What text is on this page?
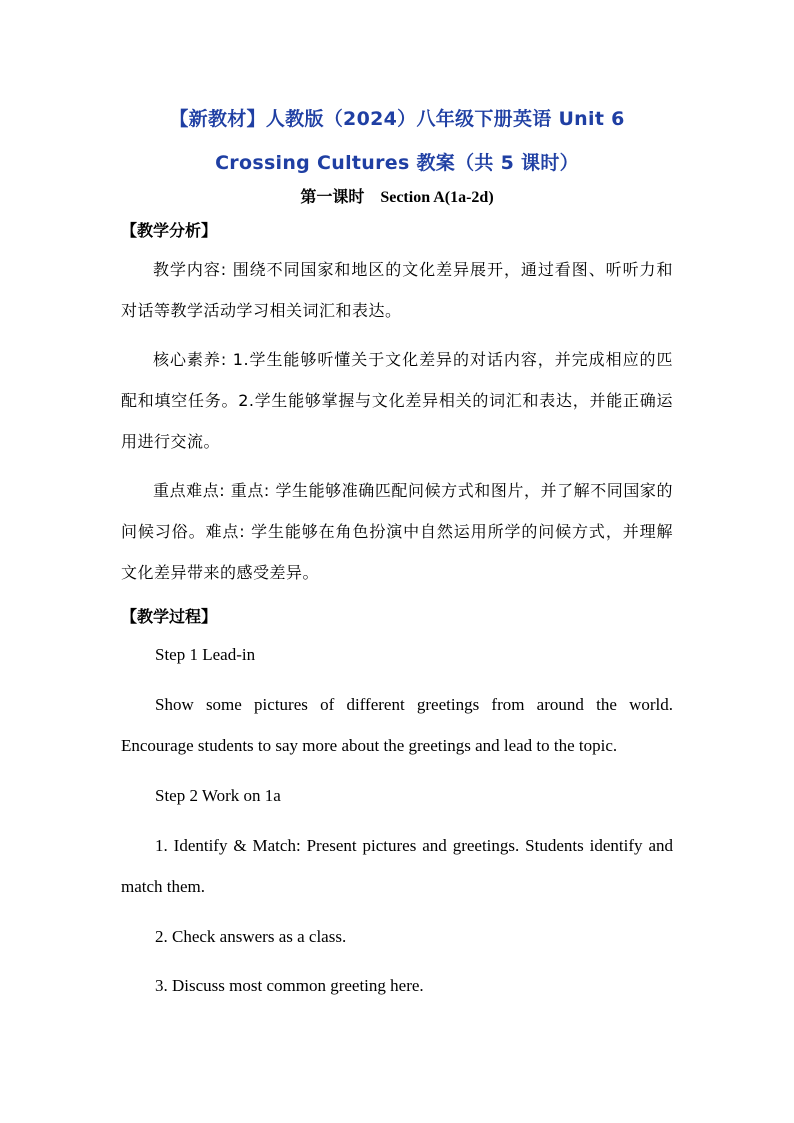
【新教材】人教版（2024）八年级下册英语 Unit 6
Crossing Cultures 教案（共 5 课时）

第一课时　Section A(1a-2d)

【教学分析】

教学内容: 围绕不同国家和地区的文化差异展开，通过看图、听听力和对话等教学活动学习相关词汇和表达。

核心素养: 1.学生能够听懂关于文化差异的对话内容，并完成相应的匹配和填空任务。2.学生能够掌握与文化差异相关的词汇和表达，并能正确运用进行交流。

重点难点: 重点: 学生能够准确匹配问候方式和图片，并了解不同国家的问候习俗。难点: 学生能够在角色扮演中自然运用所学的问候方式，并理解文化差异带来的感受差异。

【教学过程】

Step 1 Lead-in

Show some pictures of different greetings from around the world. Encourage students to say more about the greetings and lead to the topic.

Step 2 Work on 1a

1. Identify & Match: Present pictures and greetings. Students identify and match them.

2. Check answers as a class.

3. Discuss most common greeting here.
